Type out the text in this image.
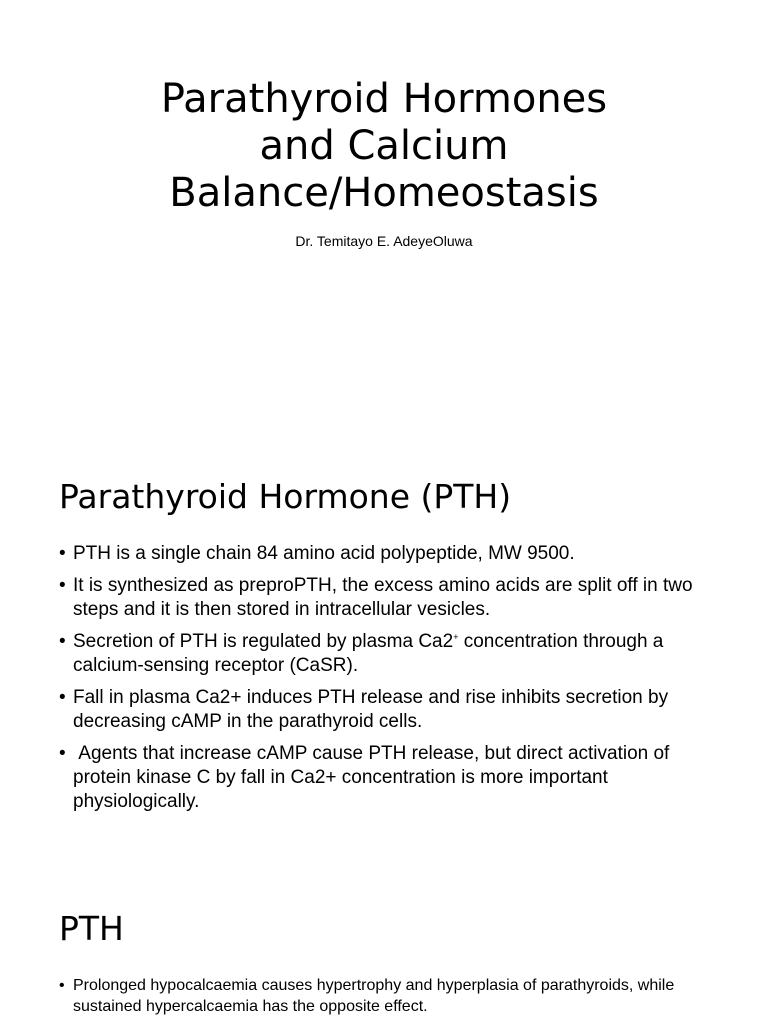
Parathyroid Hormones
and Calcium
Balance/Homeostasis
Dr. Temitayo E. AdeyeOluwa
Parathyroid Hormone (PTH)
• PTH is a single chain 84 amino acid polypeptide, MW 9500.
• It is synthesized as preproPTH, the excess amino acids are split off in two steps and it is then stored in intracellular vesicles.
• Secretion of PTH is regulated by plasma Ca2+ concentration through a calcium-sensing receptor (CaSR).
• Fall in plasma Ca2+ induces PTH release and rise inhibits secretion by decreasing cAMP in the parathyroid cells.
• Agents that increase cAMP cause PTH release, but direct activation of protein kinase C by fall in Ca2+ concentration is more important physiologically.
PTH
• Prolonged hypocalcaemia causes hypertrophy and hyperplasia of parathyroids, while sustained hypercalcaemia has the opposite effect.
